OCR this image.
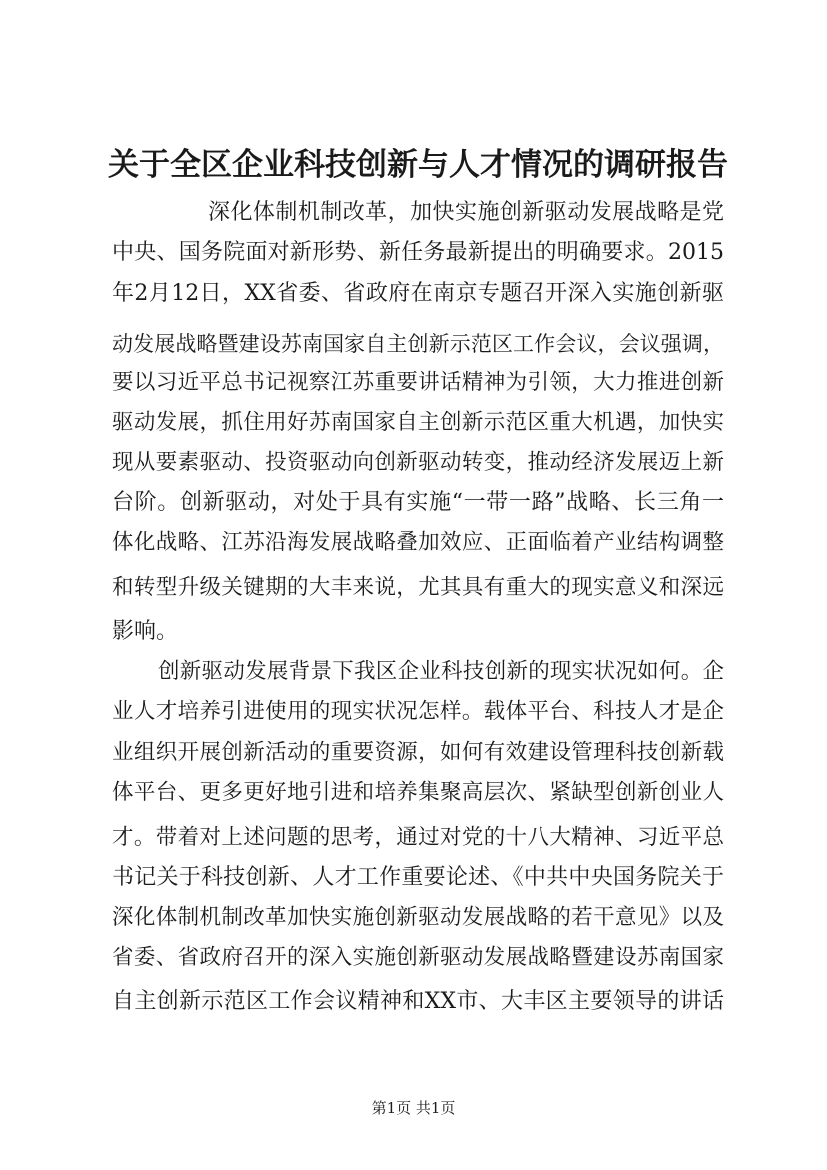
关于全区企业科技创新与人才情况的调研报告
深化体制机制改革，加快实施创新驱动发展战略是党
中央、国务院面对新形势、新任务最新提出的明确要求。2015
年2月12日，XX省委、省政府在南京专题召开深入实施创新驱
动发展战略暨建设苏南国家自主创新示范区工作会议，会议强调，
要以习近平总书记视察江苏重要讲话精神为引领，大力推进创新
驱动发展，抓住用好苏南国家自主创新示范区重大机遇，加快实
现从要素驱动、投资驱动向创新驱动转变，推动经济发展迈上新
台阶。创新驱动，对处于具有实施“一带一路”战略、长三角一
体化战略、江苏沿海发展战略叠加效应、正面临着产业结构调整
和转型升级关键期的大丰来说，尤其具有重大的现实意义和深远
影响。
创新驱动发展背景下我区企业科技创新的现实状况如何。企
业人才培养引进使用的现实状况怎样。载体平台、科技人才是企
业组织开展创新活动的重要资源，如何有效建设管理科技创新载
体平台、更多更好地引进和培养集聚高层次、紧缺型创新创业人
才。带着对上述问题的思考，通过对党的十八大精神、习近平总
书记关于科技创新、人才工作重要论述、《中共中央国务院关于
深化体制机制改革加快实施创新驱动发展战略的若干意见》以及
省委、省政府召开的深入实施创新驱动发展战略暨建设苏南国家
自主创新示范区工作会议精神和XX市、大丰区主要领导的讲话
第1页 共1页
